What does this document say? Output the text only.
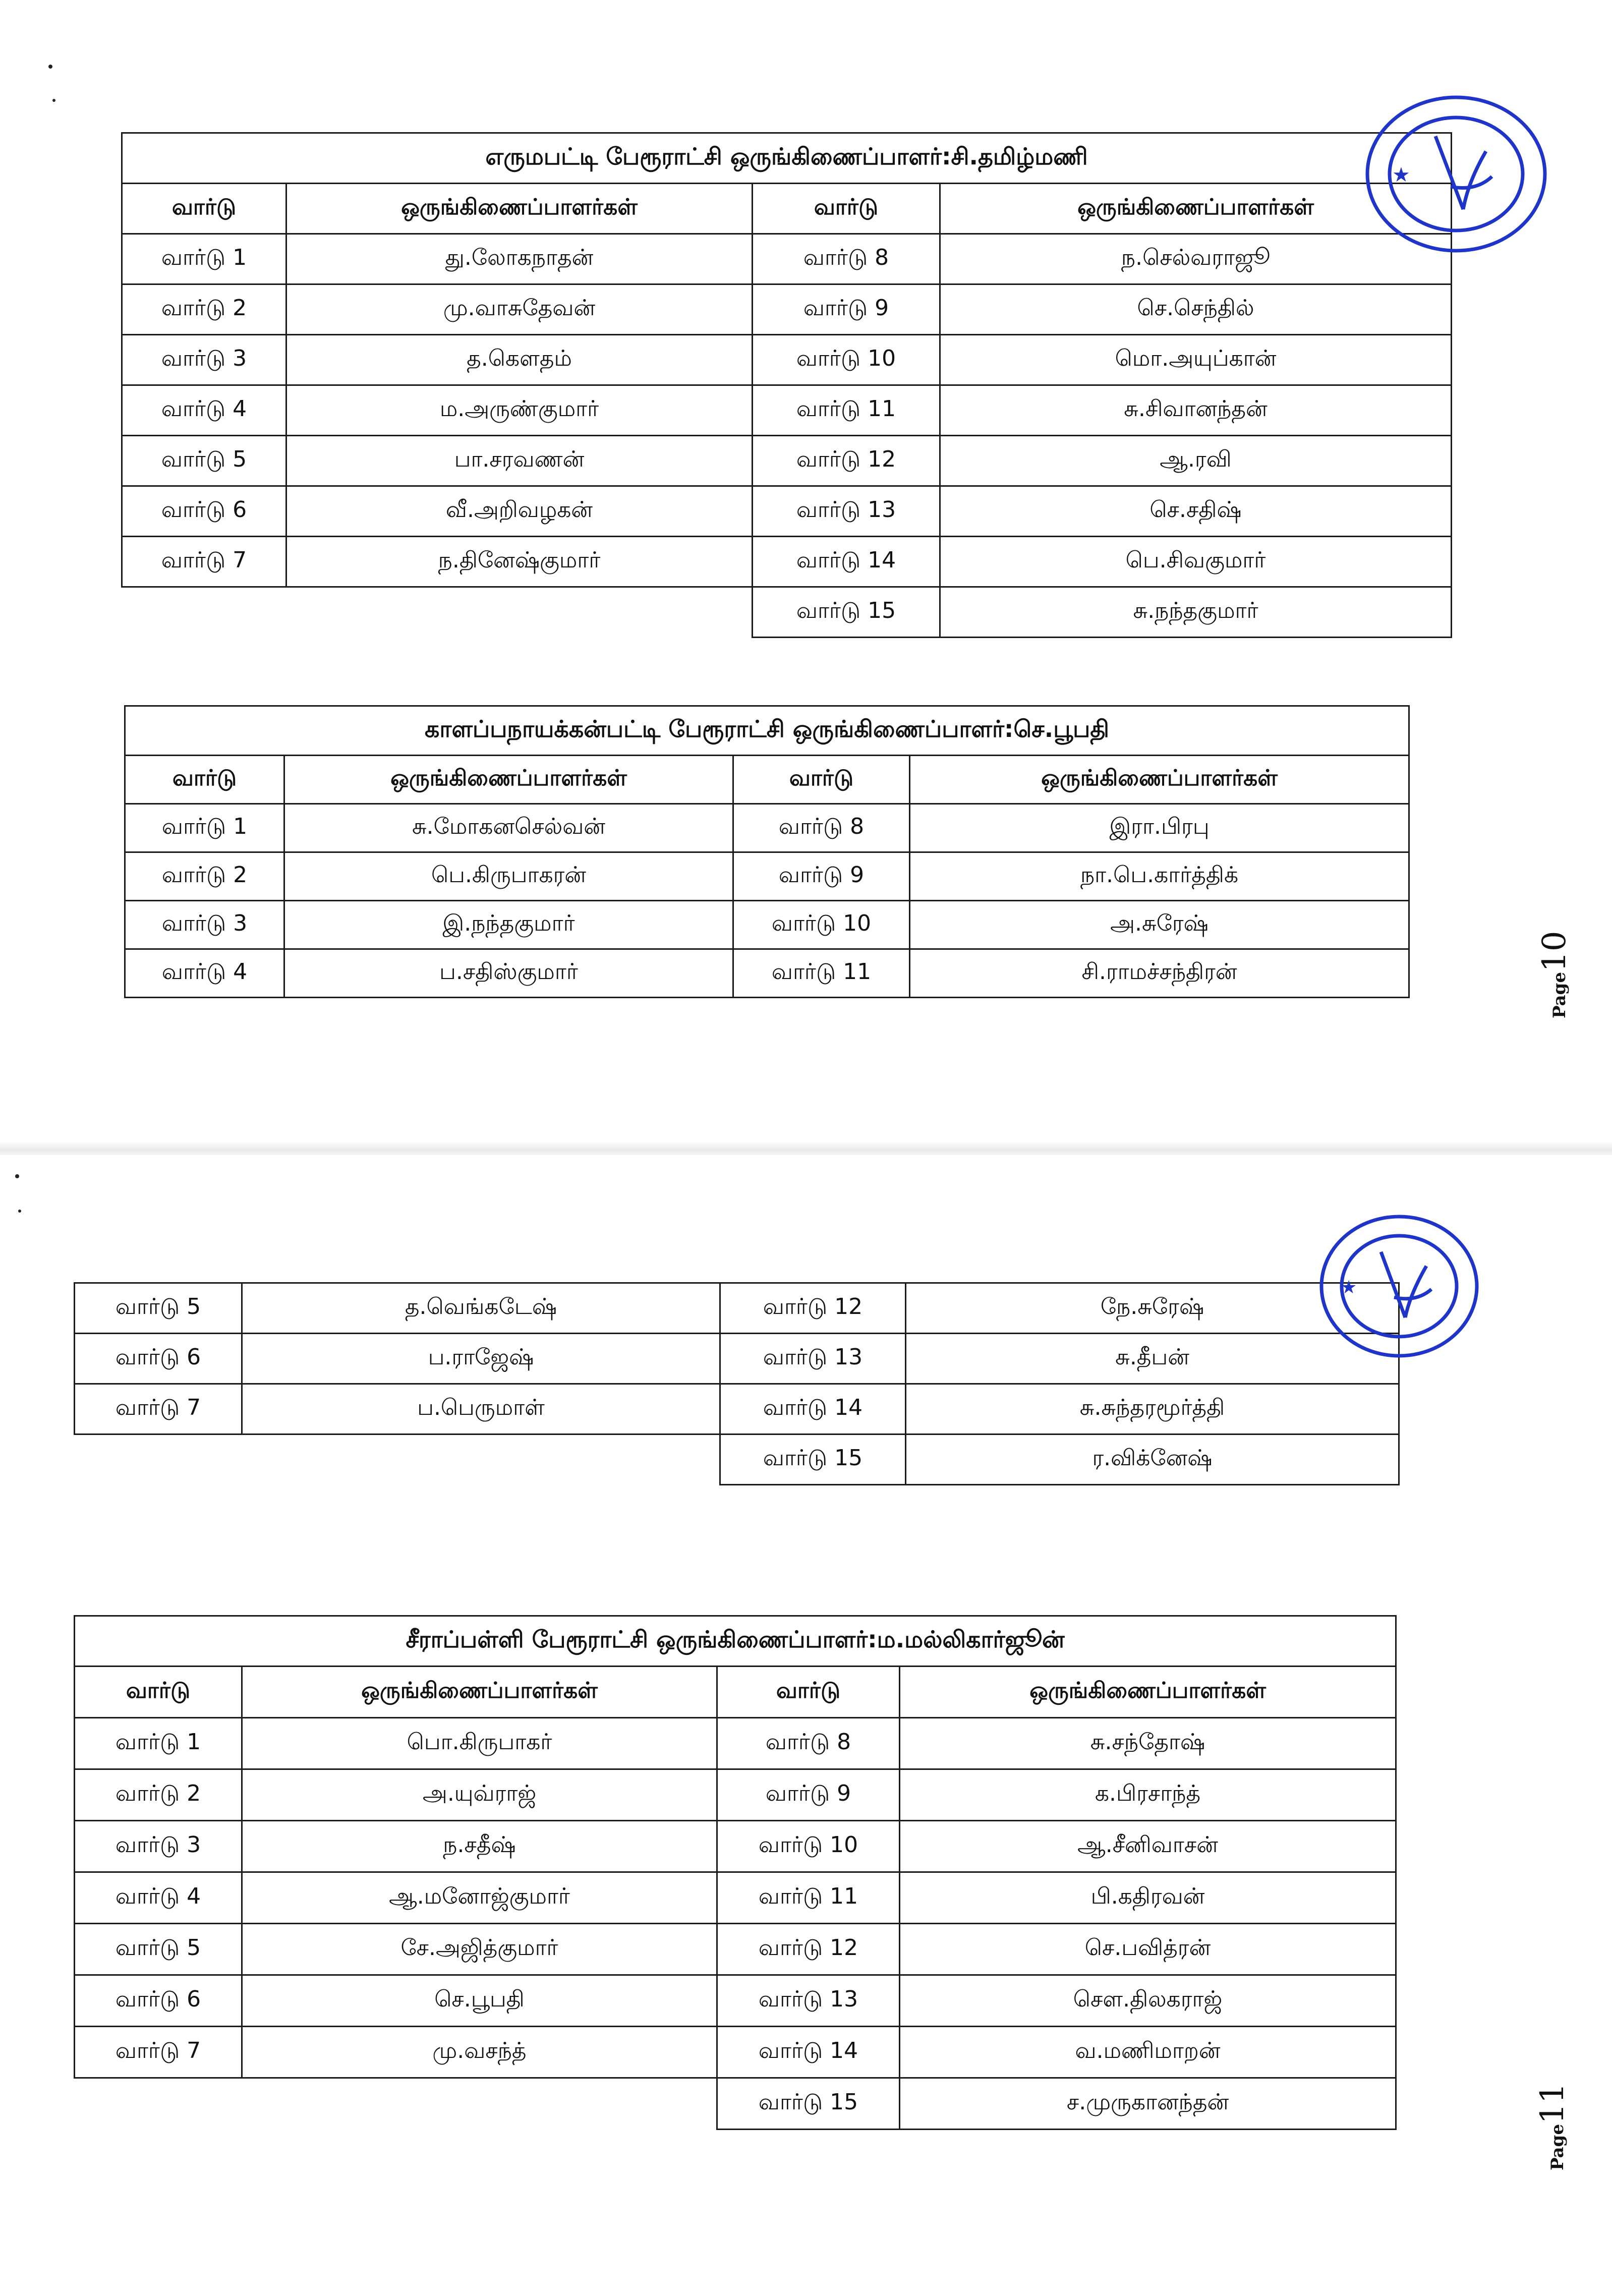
எருமபட்டி பேரூராட்சி ஒருங்கிணைப்பாளர்:சி.தமிழ்மணி			
வார்டு	ஒருங்கிணைப்பாளர்கள்	வார்டு	ஒருங்கிணைப்பாளர்கள்
வார்டு 1	து.லோகநாதன்	வார்டு 8	ந.செல்வராஜூ
வார்டு 2	மு.வாசுதேவன்	வார்டு 9	செ.செந்தில்
வார்டு 3	த.கௌதம்	வார்டு 10	மொ.அயுப்கான்
வார்டு 4	ம.அருண்குமார்	வார்டு 11	சு.சிவானந்தன்
வார்டு 5	பா.சரவணன்	வார்டு 12	ஆ.ரவி
வார்டு 6	வீ.அறிவழகன்	வார்டு 13	செ.சதிஷ்
வார்டு 7	ந.தினேஷ்குமார்	வார்டு 14	பெ.சிவகுமார்
		வார்டு 15	சு.நந்தகுமார்
காளப்பநாயக்கன்பட்டி பேரூராட்சி ஒருங்கிணைப்பாளர்:செ.பூபதி			
வார்டு	ஒருங்கிணைப்பாளர்கள்	வார்டு	ஒருங்கிணைப்பாளர்கள்
வார்டு 1	சு.மோகனசெல்வன்	வார்டு 8	இரா.பிரபு
வார்டு 2	பெ.கிருபாகரன்	வார்டு 9	நா.பெ.கார்த்திக்
வார்டு 3	இ.நந்தகுமார்	வார்டு 10	அ.சுரேஷ்
வார்டு 4	ப.சதிஸ்குமார்	வார்டு 11	சி.ராமச்சந்திரன்
★
Page10
வார்டு 5	த.வெங்கடேஷ்	வார்டு 12	நே.சுரேஷ்
வார்டு 6	ப.ராஜேஷ்	வார்டு 13	சு.தீபன்
வார்டு 7	ப.பெருமாள்	வார்டு 14	சு.சுந்தரமூர்த்தி
		வார்டு 15	ர.விக்னேஷ்
சீராப்பள்ளி பேரூராட்சி ஒருங்கிணைப்பாளர்:ம.மல்லிகார்ஜூன்			
வார்டு	ஒருங்கிணைப்பாளர்கள்	வார்டு	ஒருங்கிணைப்பாளர்கள்
வார்டு 1	பொ.கிருபாகர்	வார்டு 8	சு.சந்தோஷ்
வார்டு 2	அ.யுவ்ராஜ்	வார்டு 9	க.பிரசாந்த்
வார்டு 3	ந.சதீஷ்	வார்டு 10	ஆ.சீனிவாசன்
வார்டு 4	ஆ.மனோஜ்குமார்	வார்டு 11	பி.கதிரவன்
வார்டு 5	சே.அஜித்குமார்	வார்டு 12	செ.பவித்ரன்
வார்டு 6	செ.பூபதி	வார்டு 13	சௌ.திலகராஜ்
வார்டு 7	மு.வசந்த்	வார்டு 14	வ.மணிமாறன்
		வார்டு 15	ச.முருகானந்தன்
★
Page11
